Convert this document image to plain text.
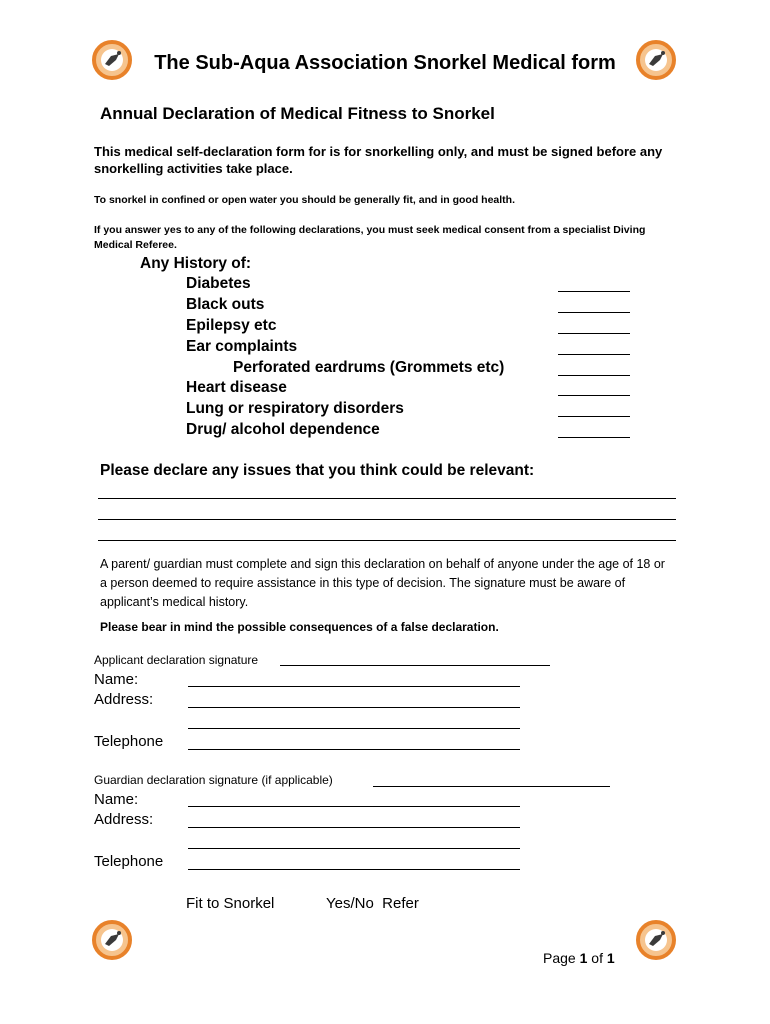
The Sub-Aqua Association Snorkel Medical form
Annual Declaration of Medical Fitness to Snorkel
This medical self-declaration form for is for snorkelling only, and must be signed before any snorkelling activities take place.
To snorkel in confined or open water you should be generally fit, and in good health.
If you answer yes to any of the following declarations, you must seek medical consent from a specialist Diving Medical Referee.
Any History of:
Diabetes
Black outs
Epilepsy etc
Ear complaints
Perforated eardrums (Grommets etc)
Heart disease
Lung or respiratory disorders
Drug/ alcohol dependence
Please declare any issues that you think could be relevant:
A parent/ guardian must complete and sign this declaration on behalf of anyone under the age of 18 or a person deemed to require assistance in this type of decision. The signature must be aware of applicant’s medical history.
Please bear in mind the possible consequences of a false declaration.
Applicant declaration signature
Name:
Address:
Telephone
Guardian declaration signature (if applicable)
Name:
Address:
Telephone
Fit to Snorkel	Yes/No  Refer
Page 1 of 1
